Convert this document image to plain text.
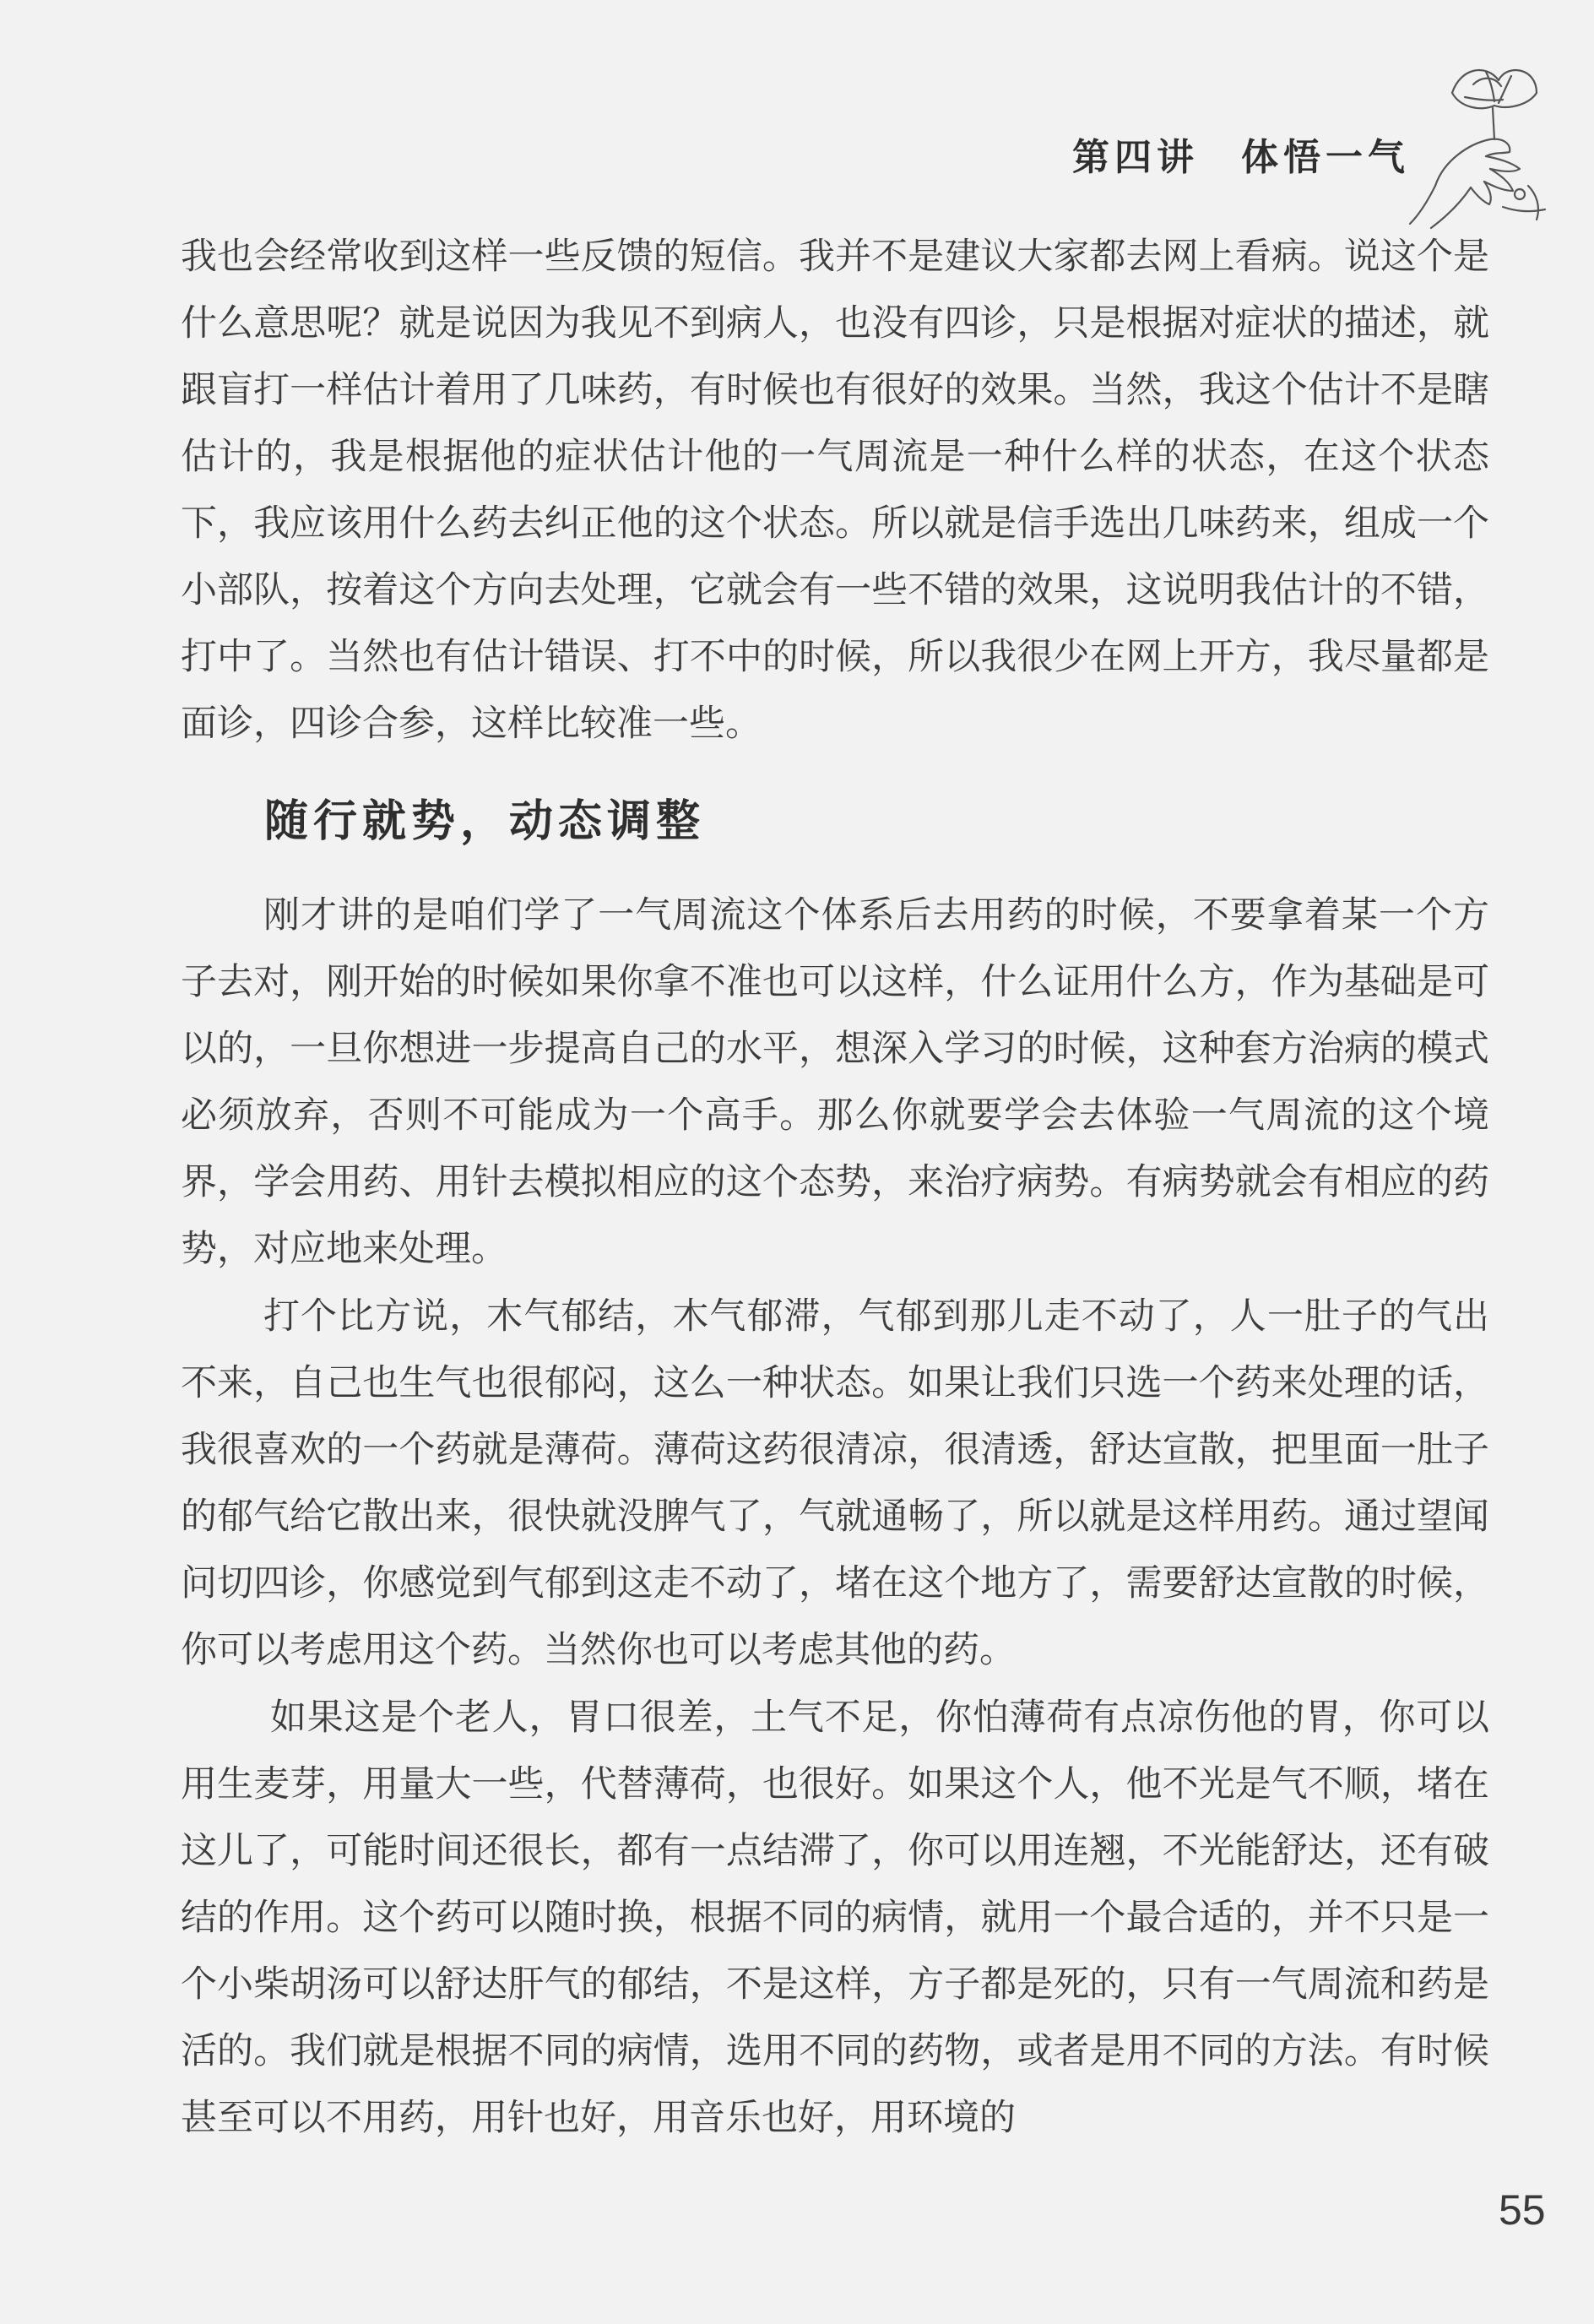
第四讲 体悟一气

我也会经常收到这样一些反馈的短信。我并不是建议大家都去网上看病。说这个是什么意思呢？就是说因为我见不到病人，也没有四诊，只是根据对症状的描述，就跟盲打一样估计着用了几味药，有时候也有很好的效果。当然，我这个估计不是瞎估计的，我是根据他的症状估计他的一气周流是一种什么样的状态，在这个状态下，我应该用什么药去纠正他的这个状态。所以就是信手选出几味药来，组成一个小部队，按着这个方向去处理，它就会有一些不错的效果，这说明我估计的不错，打中了。当然也有估计错误、打不中的时候，所以我很少在网上开方，我尽量都是面诊，四诊合参，这样比较准一些。

随行就势，动态调整

刚才讲的是咱们学了一气周流这个体系后去用药的时候，不要拿着某一个方子去对，刚开始的时候如果你拿不准也可以这样，什么证用什么方，作为基础是可以的，一旦你想进一步提高自己的水平，想深入学习的时候，这种套方治病的模式必须放弃，否则不可能成为一个高手。那么你就要学会去体验一气周流的这个境界，学会用药、用针去模拟相应的这个态势，来治疗病势。有病势就会有相应的药势，对应地来处理。

打个比方说，木气郁结，木气郁滞，气郁到那儿走不动了，人一肚子的气出不来，自己也生气也很郁闷，这么一种状态。如果让我们只选一个药来处理的话，我很喜欢的一个药就是薄荷。薄荷这药很清凉，很清透，舒达宣散，把里面一肚子的郁气给它散出来，很快就没脾气了，气就通畅了，所以就是这样用药。通过望闻问切四诊，你感觉到气郁到这走不动了，堵在这个地方了，需要舒达宣散的时候，你可以考虑用这个药。当然你也可以考虑其他的药。

如果这是个老人，胃口很差，土气不足，你怕薄荷有点凉伤他的胃，你可以用生麦芽，用量大一些，代替薄荷，也很好。如果这个人，他不光是气不顺，堵在这儿了，可能时间还很长，都有一点结滞了，你可以用连翘，不光能舒达，还有破结的作用。这个药可以随时换，根据不同的病情，就用一个最合适的，并不只是一个小柴胡汤可以舒达肝气的郁结，不是这样，方子都是死的，只有一气周流和药是活的。我们就是根据不同的病情，选用不同的药物，或者是用不同的方法。有时候甚至可以不用药，用针也好，用音乐也好，用环境的

55
